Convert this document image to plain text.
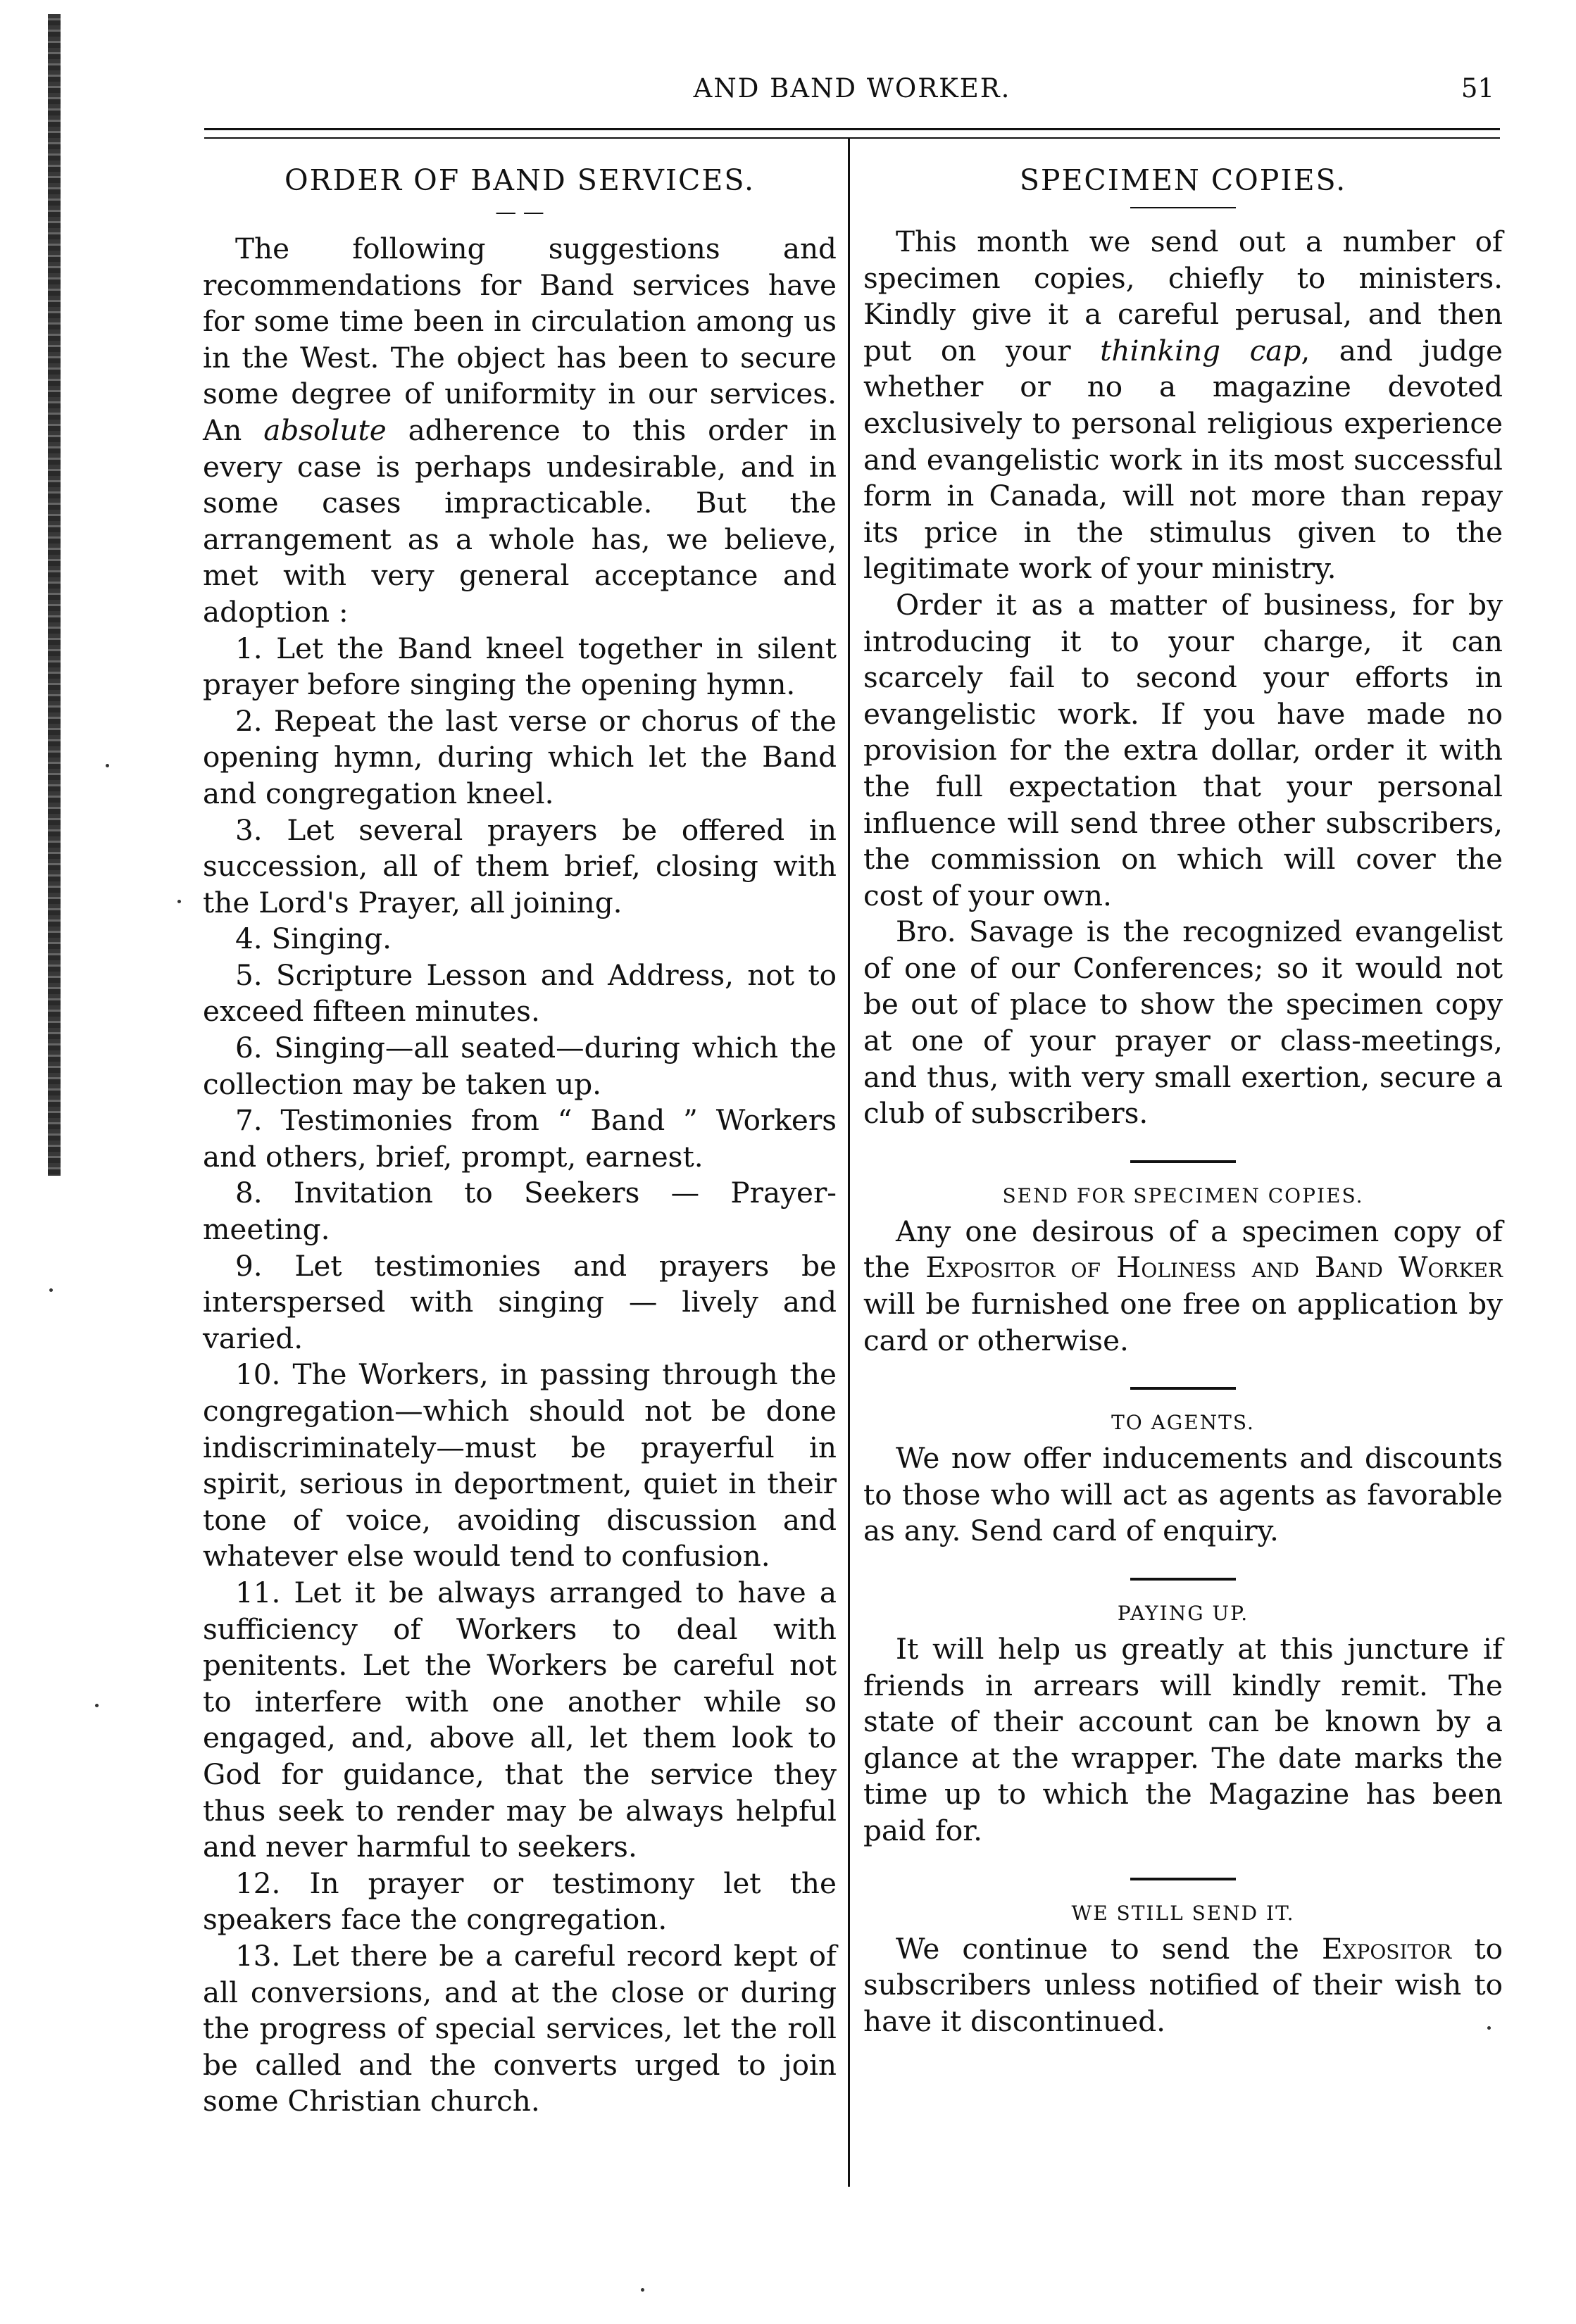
AND BAND WORKER.	51
ORDER OF BAND SERVICES.
— —

The following suggestions and recommendations for Band services have for some time been in circulation among us in the West. The object has been to secure some degree of uniformity in our services. An absolute adherence to this order in every case is perhaps undesirable, and in some cases impracticable. But the arrangement as a whole has, we believe, met with very general acceptance and adoption :

1. Let the Band kneel together in silent prayer before singing the opening hymn.

2. Repeat the last verse or chorus of the opening hymn, during which let the Band and congregation kneel.

3. Let several prayers be offered in succession, all of them brief, closing with the Lord's Prayer, all joining.

4. Singing.

5. Scripture Lesson and Address, not to exceed fifteen minutes.

6. Singing—all seated—during which the collection may be taken up.

7. Testimonies from “ Band ” Workers and others, brief, prompt, earnest.

8. Invitation to Seekers — Prayer-meeting.

9. Let testimonies and prayers be interspersed with singing — lively and varied.

10. The Workers, in passing through the congregation—which should not be done indiscriminately—must be prayerful in spirit, serious in deportment, quiet in their tone of voice, avoiding discussion and whatever else would tend to confusion.

11. Let it be always arranged to have a sufficiency of Workers to deal with penitents. Let the Workers be careful not to interfere with one another while so engaged, and, above all, let them look to God for guidance, that the service they thus seek to render may be always helpful and never harmful to seekers.

12. In prayer or testimony let the speakers face the congregation.

13. Let there be a careful record kept of all conversions, and at the close or during the progress of special services, let the roll be called and the converts urged to join some Christian church.

SPECIMEN COPIES.

This month we send out a number of specimen copies, chiefly to ministers. Kindly give it a careful perusal, and then put on your thinking cap, and judge whether or no a magazine devoted exclusively to personal religious experience and evangelistic work in its most successful form in Canada, will not more than repay its price in the stimulus given to the legitimate work of your ministry.

Order it as a matter of business, for by introducing it to your charge, it can scarcely fail to second your efforts in evangelistic work. If you have made no provision for the extra dollar, order it with the full expectation that your personal influence will send three other subscribers, the commission on which will cover the cost of your own.

Bro. Savage is the recognized evangelist of one of our Conferences; so it would not be out of place to show the specimen copy at one of your prayer or class-meetings, and thus, with very small exertion, secure a club of subscribers.

SEND FOR SPECIMEN COPIES.

Any one desirous of a specimen copy of the Expositor of Holiness and Band Worker will be furnished one free on application by card or otherwise.

TO AGENTS.

We now offer inducements and discounts to those who will act as agents as favorable as any. Send card of enquiry.

PAYING UP.

It will help us greatly at this juncture if friends in arrears will kindly remit. The state of their account can be known by a glance at the wrapper. The date marks the time up to which the Magazine has been paid for.

WE STILL SEND IT.

We continue to send the Expositor to subscribers unless notified of their wish to have it discontinued.
